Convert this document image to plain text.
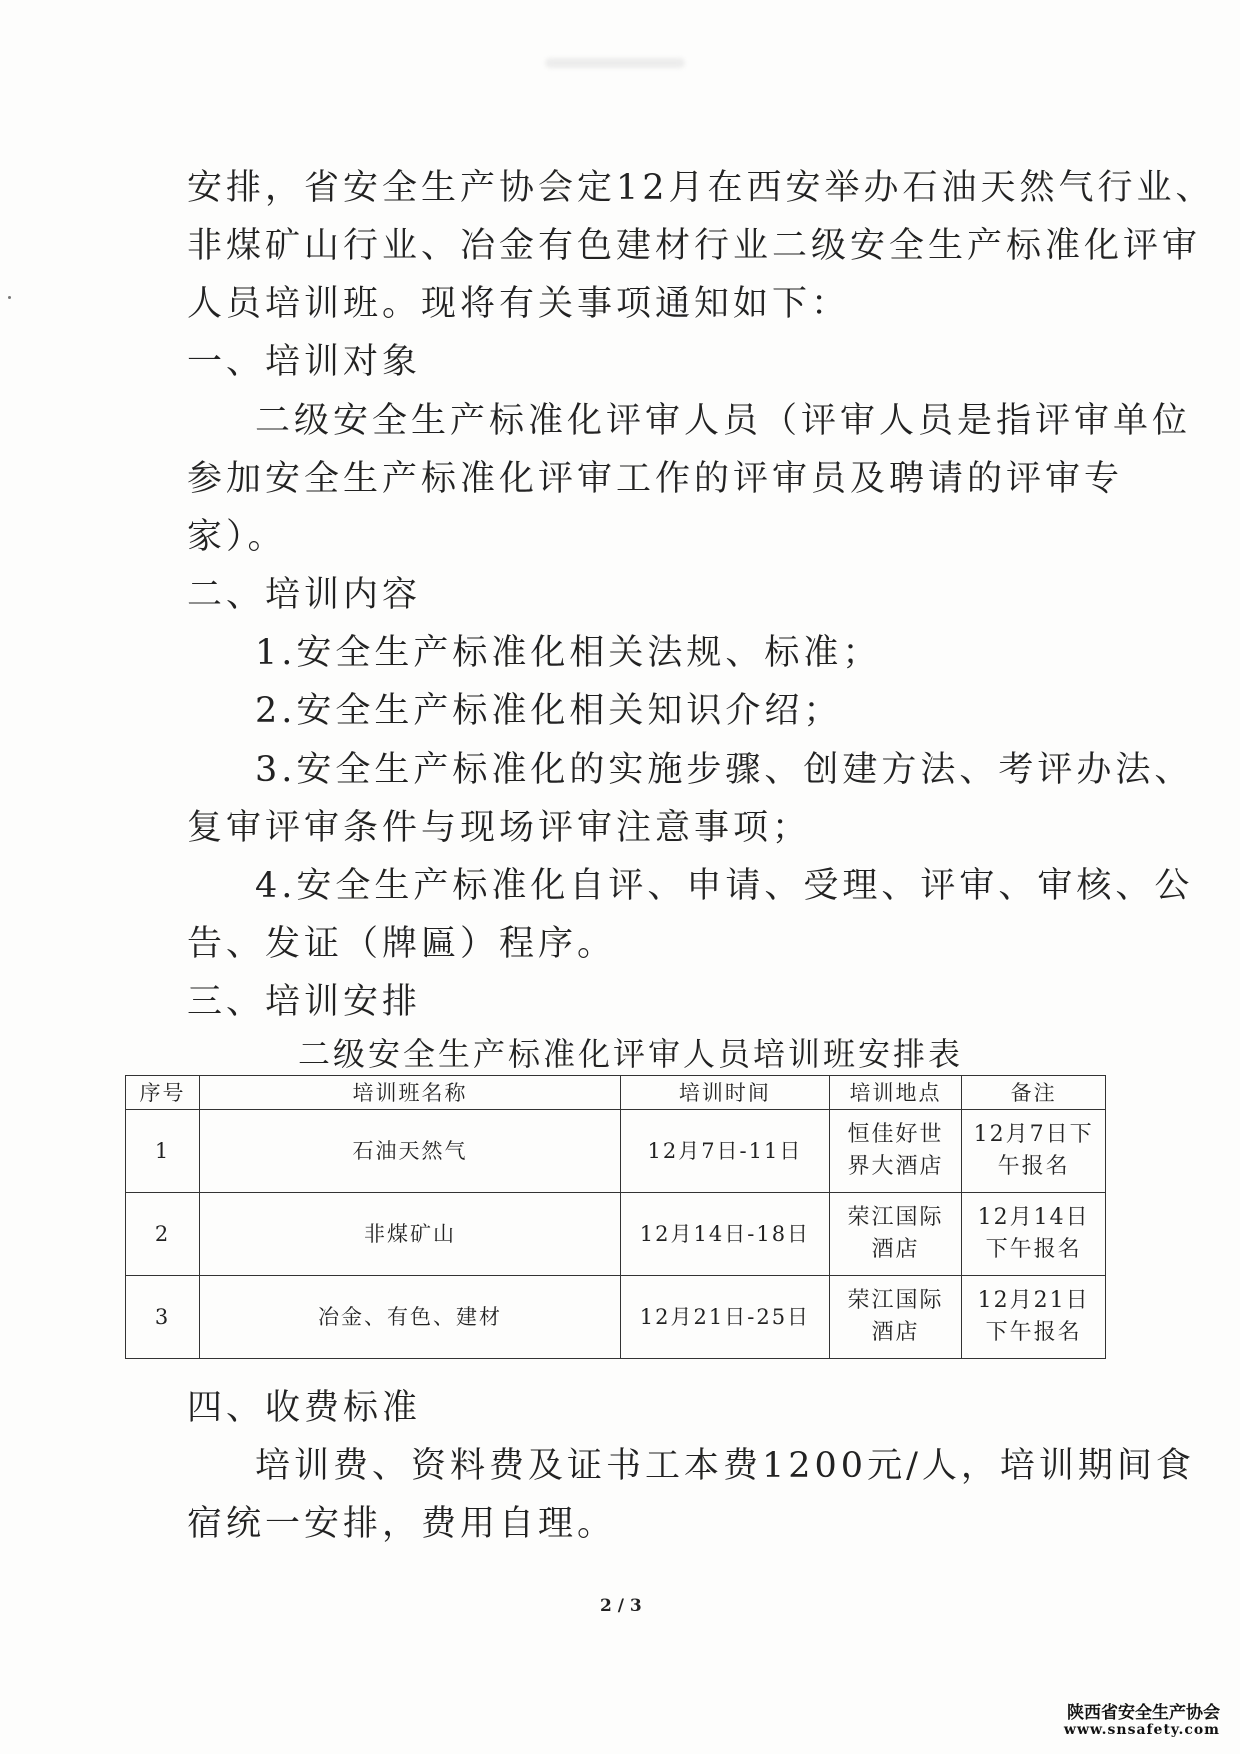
安排，省安全生产协会定12月在西安举办石油天然气行业、
非煤矿山行业、冶金有色建材行业二级安全生产标准化评审
人员培训班。现将有关事项通知如下：
一、培训对象
二级安全生产标准化评审人员（评审人员是指评审单位
参加安全生产标准化评审工作的评审员及聘请的评审专
家）。
二、培训内容
1.安全生产标准化相关法规、标准；
2.安全生产标准化相关知识介绍；
3.安全生产标准化的实施步骤、创建方法、考评办法、
复审评审条件与现场评审注意事项；
4.安全生产标准化自评、申请、受理、评审、审核、公
告、发证（牌匾）程序。
三、培训安排
二级安全生产标准化评审人员培训班安排表
序号	培训班名称	培训时间	培训地点	备注
1	石油天然气	12月7日-11日	恒佳好世界大酒店	12月7日下午报名
2	非煤矿山	12月14日-18日	荣江国际酒店	12月14日下午报名
3	冶金、有色、建材	12月21日-25日	荣江国际酒店	12月21日下午报名
四、收费标准
培训费、资料费及证书工本费1200元/人，培训期间食
宿统一安排，费用自理。
2 / 3
陕西省安全生产协会
www.snsafety.com
